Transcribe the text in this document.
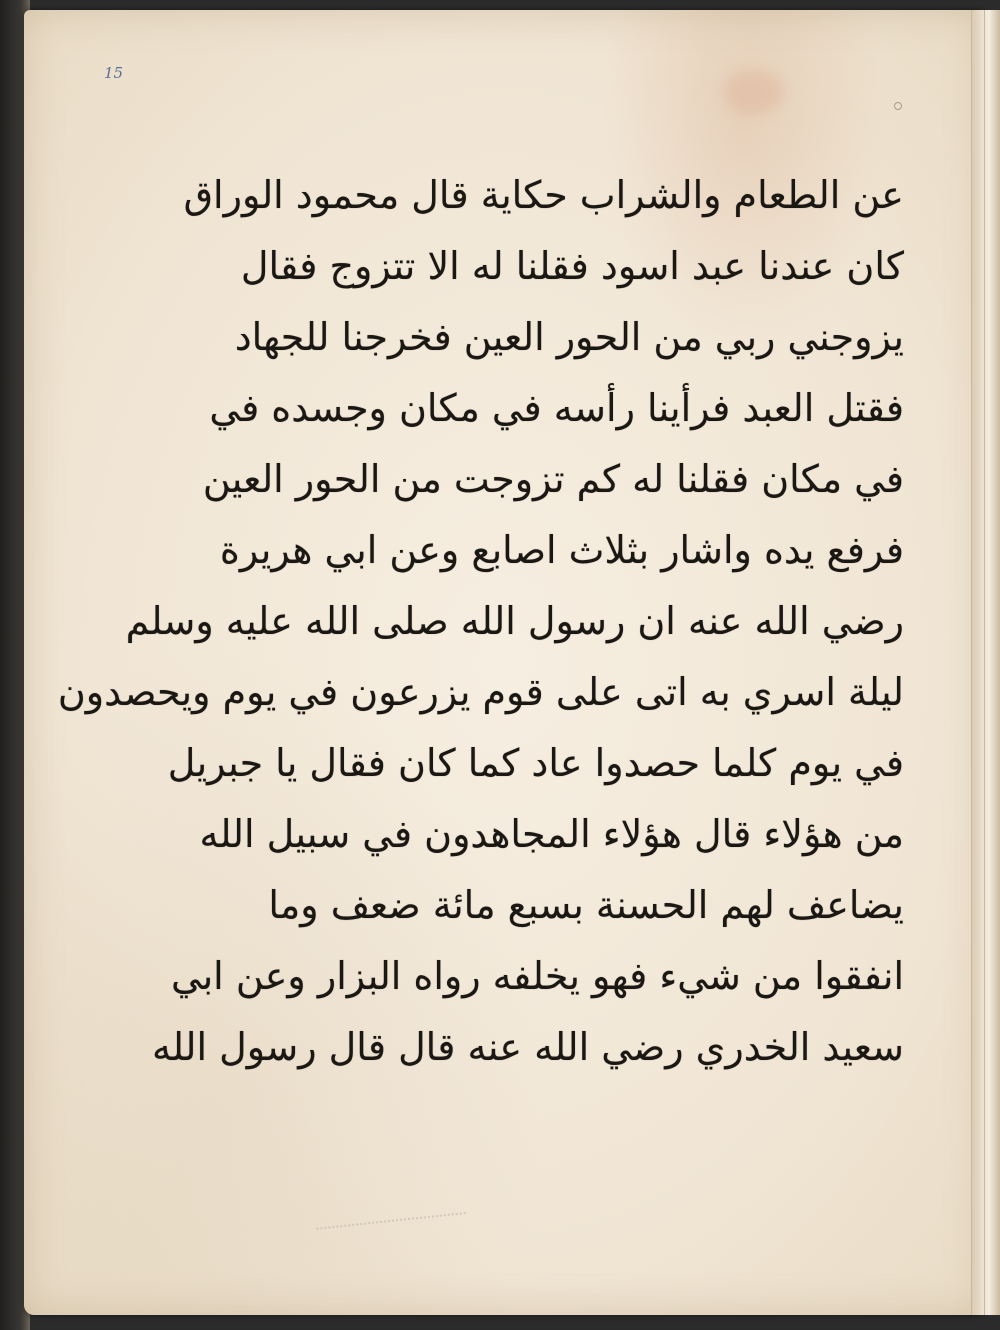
15
عن الطعام والشراب حكاية قال محمود الوراق
كان عندنا عبد اسود فقلنا له الا تتزوج فقال
يزوجني ربي من الحور العين فخرجنا للجهاد
فقتل العبد فرأينا رأسه في مكان وجسده في
في مكان فقلنا له كم تزوجت من الحور العين
فرفع يده واشار بثلاث اصابع وعن ابي هريرة
رضي الله عنه ان رسول الله صلى الله عليه وسلم
ليلة اسري به اتى على قوم يزرعون في يوم ويحصدون
في يوم كلما حصدوا عاد كما كان فقال يا جبريل
من هؤلاء قال هؤلاء المجاهدون في سبيل الله
يضاعف لهم الحسنة بسبع مائة ضعف وما
انفقوا من شيء فهو يخلفه رواه البزار وعن ابي
سعيد الخدري رضي الله عنه قال قال رسول الله
